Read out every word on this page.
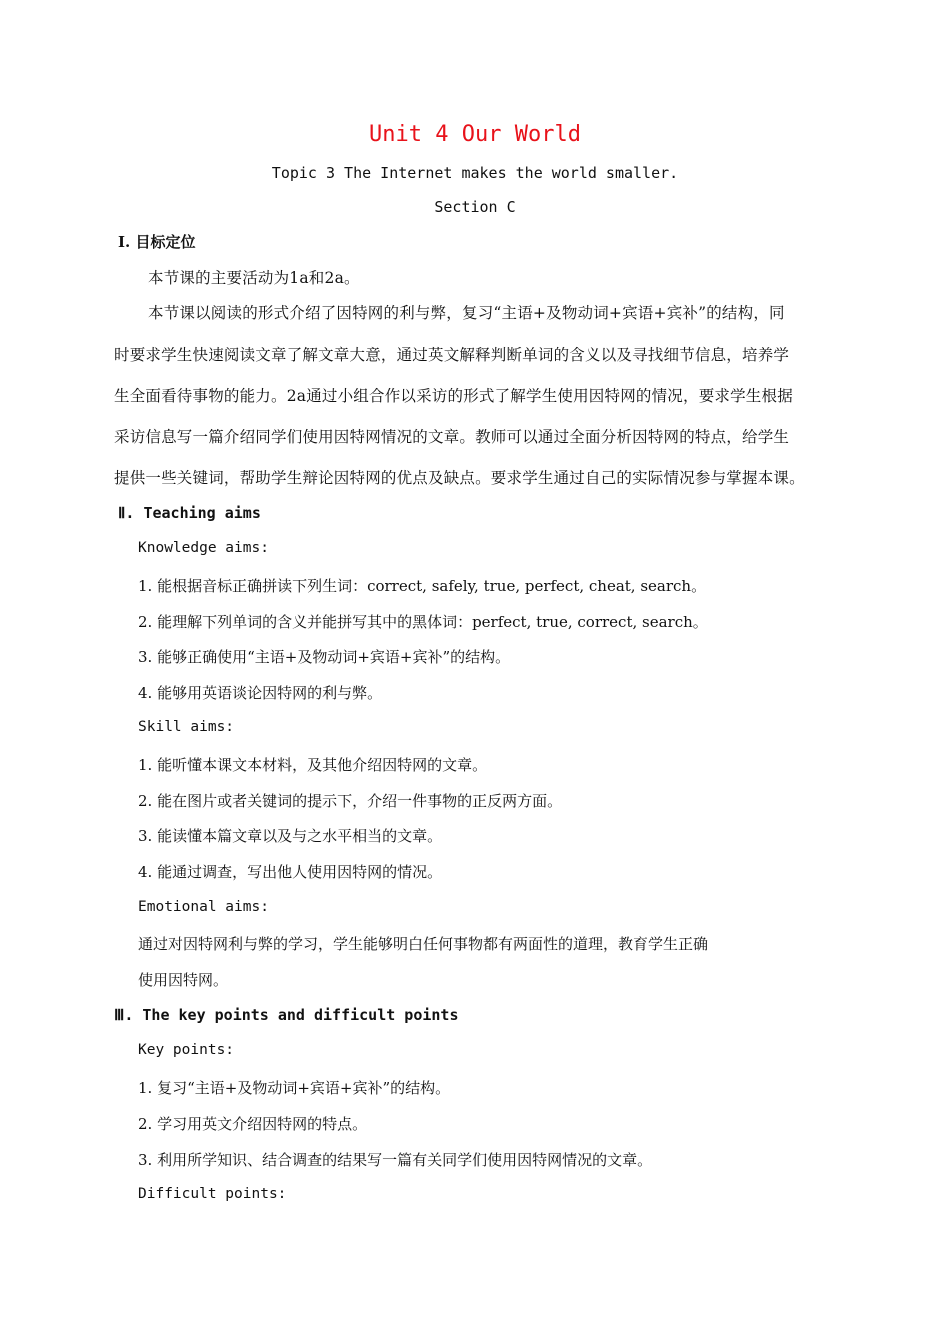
Unit 4 Our World
Topic 3 The Internet makes the world smaller.
Section C
Ⅰ. 目标定位
本节课的主要活动为1a和2a。
本节课以阅读的形式介绍了因特网的利与弊，复习“主语+及物动词+宾语+宾补”的结构，同
时要求学生快速阅读文章了解文章大意，通过英文解释判断单词的含义以及寻找细节信息，培养学
生全面看待事物的能力。2a通过小组合作以采访的形式了解学生使用因特网的情况，要求学生根据
采访信息写一篇介绍同学们使用因特网情况的文章。教师可以通过全面分析因特网的特点，给学生
提供一些关键词，帮助学生辩论因特网的优点及缺点。要求学生通过自己的实际情况参与掌握本课。
Ⅱ. Teaching aims
Knowledge aims:
1. 能根据音标正确拼读下列生词：correct, safely, true, perfect, cheat, search。
2. 能理解下列单词的含义并能拼写其中的黑体词：perfect, true, correct, search。
3. 能够正确使用“主语+及物动词+宾语+宾补”的结构。
4. 能够用英语谈论因特网的利与弊。
Skill aims:
1. 能听懂本课文本材料，及其他介绍因特网的文章。
2. 能在图片或者关键词的提示下，介绍一件事物的正反两方面。
3. 能读懂本篇文章以及与之水平相当的文章。
4. 能通过调查，写出他人使用因特网的情况。
Emotional aims:
通过对因特网利与弊的学习，学生能够明白任何事物都有两面性的道理，教育学生正确
使用因特网。
Ⅲ. The key points and difficult points
Key points:
1. 复习“主语+及物动词+宾语+宾补”的结构。
2. 学习用英文介绍因特网的特点。
3. 利用所学知识、结合调查的结果写一篇有关同学们使用因特网情况的文章。
Difficult points:
